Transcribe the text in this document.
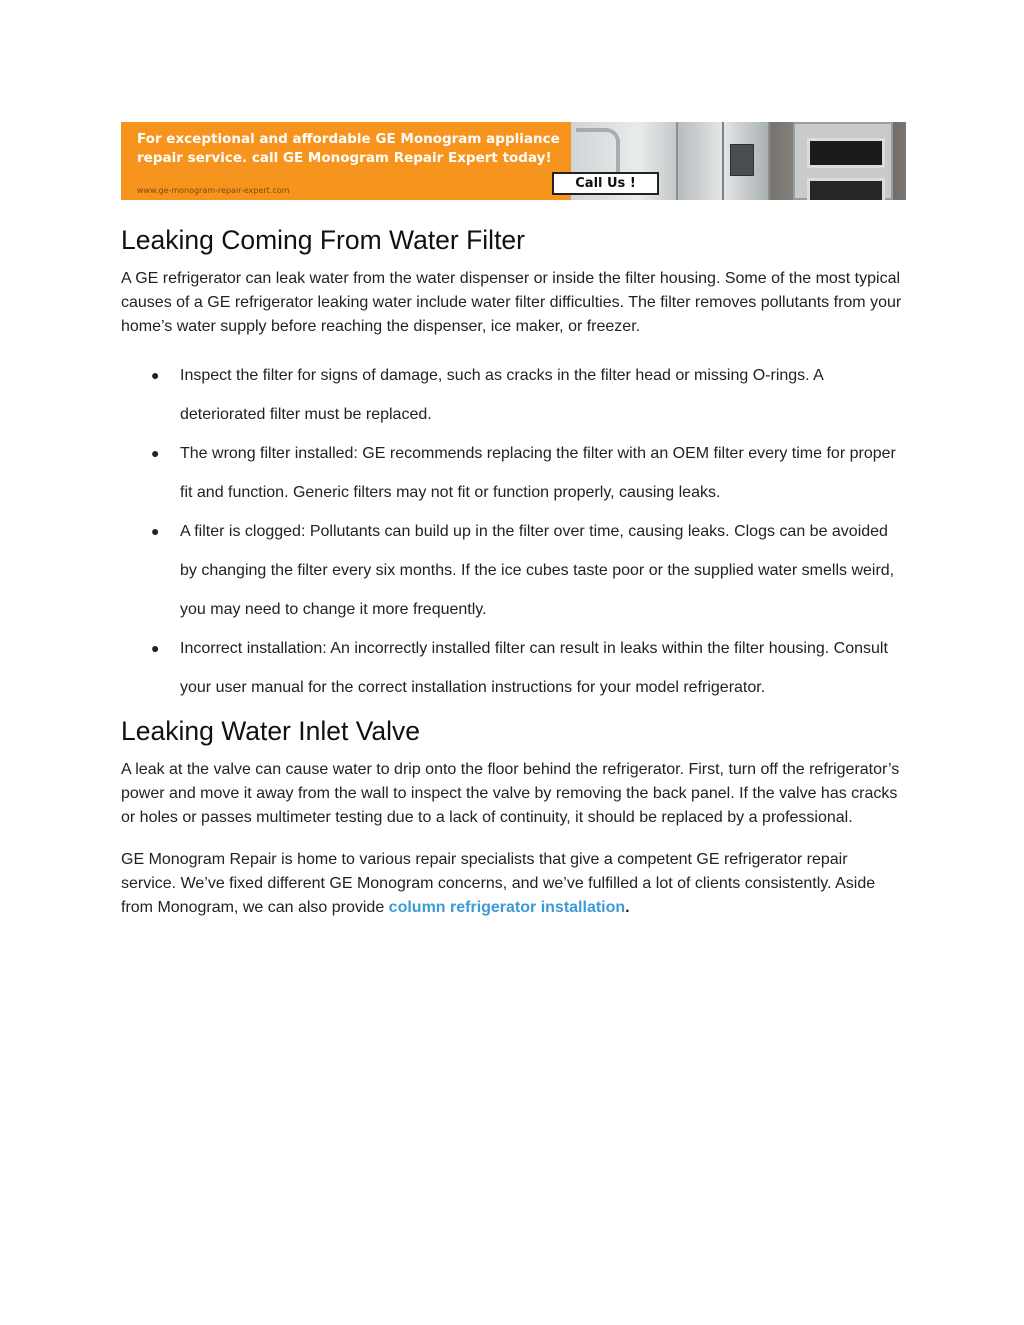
For exceptional and affordable GE Monogram appliance repair service. call GE Monogram Repair Expert today!
www.ge-monogram-repair-expert.com	Call Us !
Leaking Coming From Water Filter

A GE refrigerator can leak water from the water dispenser or inside the filter housing. Some of the most typical causes of a GE refrigerator leaking water include water filter difficulties. The filter removes pollutants from your home’s water supply before reaching the dispenser, ice maker, or freezer.

● Inspect the filter for signs of damage, such as cracks in the filter head or missing O-rings. A deteriorated filter must be replaced.
● The wrong filter installed: GE recommends replacing the filter with an OEM filter every time for proper fit and function. Generic filters may not fit or function properly, causing leaks.
● A filter is clogged: Pollutants can build up in the filter over time, causing leaks. Clogs can be avoided by changing the filter every six months. If the ice cubes taste poor or the supplied water smells weird, you may need to change it more frequently.
● Incorrect installation: An incorrectly installed filter can result in leaks within the filter housing. Consult your user manual for the correct installation instructions for your model refrigerator.
Leaking Water Inlet Valve

A leak at the valve can cause water to drip onto the floor behind the refrigerator. First, turn off the refrigerator’s power and move it away from the wall to inspect the valve by removing the back panel. If the valve has cracks or holes or passes multimeter testing due to a lack of continuity, it should be replaced by a professional.

GE Monogram Repair is home to various repair specialists that give a competent GE refrigerator repair service. We’ve fixed different GE Monogram concerns, and we’ve fulfilled a lot of clients consistently. Aside from Monogram, we can also provide column refrigerator installation.
